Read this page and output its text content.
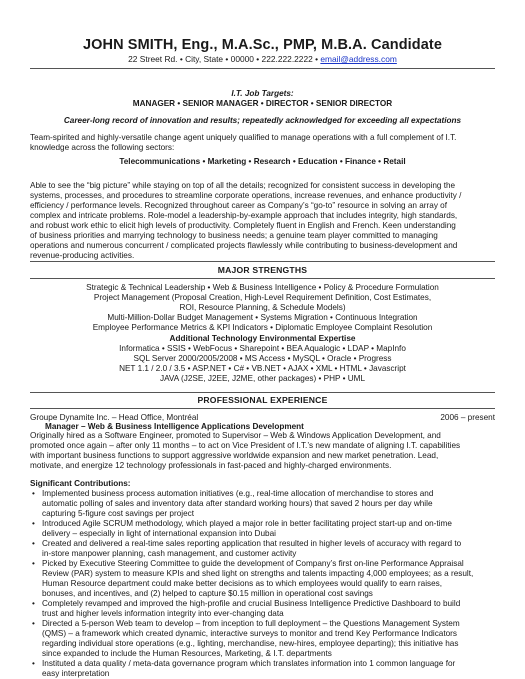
JOHN SMITH, Eng., M.A.Sc., PMP, M.B.A. Candidate
22 Street Rd. • City, State • 00000 • 222.222.2222 • email@address.com
I.T. Job Targets:
MANAGER • SENIOR MANAGER • DIRECTOR • SENIOR DIRECTOR
Career-long record of innovation and results; repeatedly acknowledged for exceeding all expectations
Team-spirited and highly-versatile change agent uniquely qualified to manage operations with a full complement of I.T.
knowledge across the following sectors:
Telecommunications • Marketing • Research • Education • Finance • Retail
Able to see the “big picture” while staying on top of all the details; recognized for consistent success in developing the
systems, processes, and procedures to streamline corporate operations, increase revenues, and enhance productivity /
efficiency / performance levels. Recognized throughout career as Company’s “go-to” resource in solving an array of
complex and intricate problems. Role-model a leadership-by-example approach that includes integrity, high standards,
and robust work ethic to elicit high levels of productivity. Completely fluent in English and French. Keen understanding
of business priorities and marrying technology to business needs; a genuine team player committed to managing
operations and numerous concurrent / complicated projects flawlessly while contributing to business-development and
revenue-producing activities.
MAJOR STRENGTHS
Strategic & Technical Leadership • Web & Business Intelligence • Policy & Procedure Formulation
Project Management (Proposal Creation, High-Level Requirement Definition, Cost Estimates,
ROI, Resource Planning, & Schedule Models)
Multi-Million-Dollar Budget Management • Systems Migration • Continuous Integration
Employee Performance Metrics & KPI Indicators • Diplomatic Employee Complaint Resolution
Additional Technology Environmental Expertise
Informatica • SSIS • WebFocus • Sharepoint • BEA Aqualogic • LDAP • MapInfo
SQL Server 2000/2005/2008 • MS Access • MySQL • Oracle • Progress
NET 1.1 / 2.0 / 3.5 • ASP.NET • C# • VB.NET • AJAX • XML • HTML • Javascript
JAVA (J2SE, J2EE, J2ME, other packages) • PHP • UML
PROFESSIONAL EXPERIENCE
Groupe Dynamite Inc. – Head Office, Montréal	2006 – present
Manager – Web & Business Intelligence Applications Development
Originally hired as a Software Engineer, promoted to Supervisor – Web & Windows Application Development, and
promoted once again – after only 11 months – to act on Vice President of I.T.’s new mandate of aligning I.T. capabilities
with important business functions to support aggressive worldwide expansion and new market penetration. Lead,
motivate, and energize 12 technology professionals in fast-paced and highly-charged environments.
Significant Contributions:
• Implemented business process automation initiatives (e.g., real-time allocation of merchandise to stores and
automatic polling of sales and inventory data after standard working hours) that saved 2 hours per day while
capturing 5-figure cost savings per project
• Introduced Agile SCRUM methodology, which played a major role in better facilitating project start-up and on-time
delivery – especially in light of international expansion into Dubai
• Created and delivered a real-time sales reporting application that resulted in higher levels of accuracy with regard to
in-store manpower planning, cash management, and customer activity
• Picked by Executive Steering Committee to guide the development of Company’s first on-line Performance Appraisal
Review (PAR) system to measure KPIs and shed light on strengths and talents impacting 4,000 employees; as a result,
Human Resource department could make better decisions as to which employees would qualify to earn raises,
bonuses, and incentives, and (2) helped to capture $0.15 million in operational cost savings
• Completely revamped and improved the high-profile and crucial Business Intelligence Predictive Dashboard to build
trust and higher levels information integrity into ever-changing data
• Directed a 5-person Web team to develop – from inception to full deployment – the Questions Management System
(QMS) – a framework which created dynamic, interactive surveys to monitor and trend Key Performance Indicators
regarding individual store operations (e.g., lighting, merchandise, new-hires, employee departing); this initiative has
since expanded to include the Human Resources, Marketing, & I.T. departments
• Instituted a data quality / meta-data governance program which translates information into 1 common language for
easy interpretation
